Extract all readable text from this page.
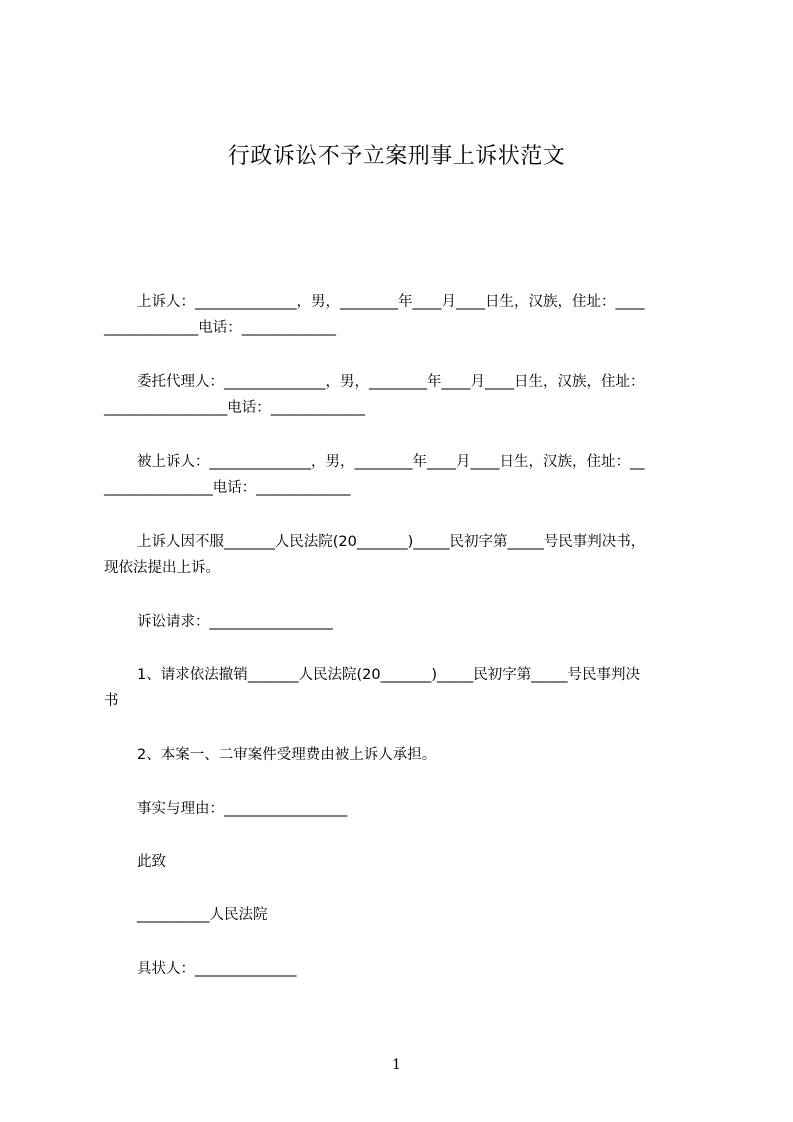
行政诉讼不予立案刑事上诉状范文
上诉人：______________，男，________年____月____日生，汉族，住址：____
_____________电话：_____________
委托代理人：______________，男，________年____月____日生，汉族，住址：
_________________电话：_____________
被上诉人：______________，男，________年____月____日生，汉族，住址：__
_______________电话：_____________
上诉人因不服_______人民法院(20_______)_____民初字第_____号民事判决书，
现依法提出上诉。
诉讼请求：_________________
1、请求依法撤销_______人民法院(20_______)_____民初字第_____号民事判决
书
2、本案一、二审案件受理费由被上诉人承担。
事实与理由：_________________
此致
__________人民法院
具状人：______________
1
